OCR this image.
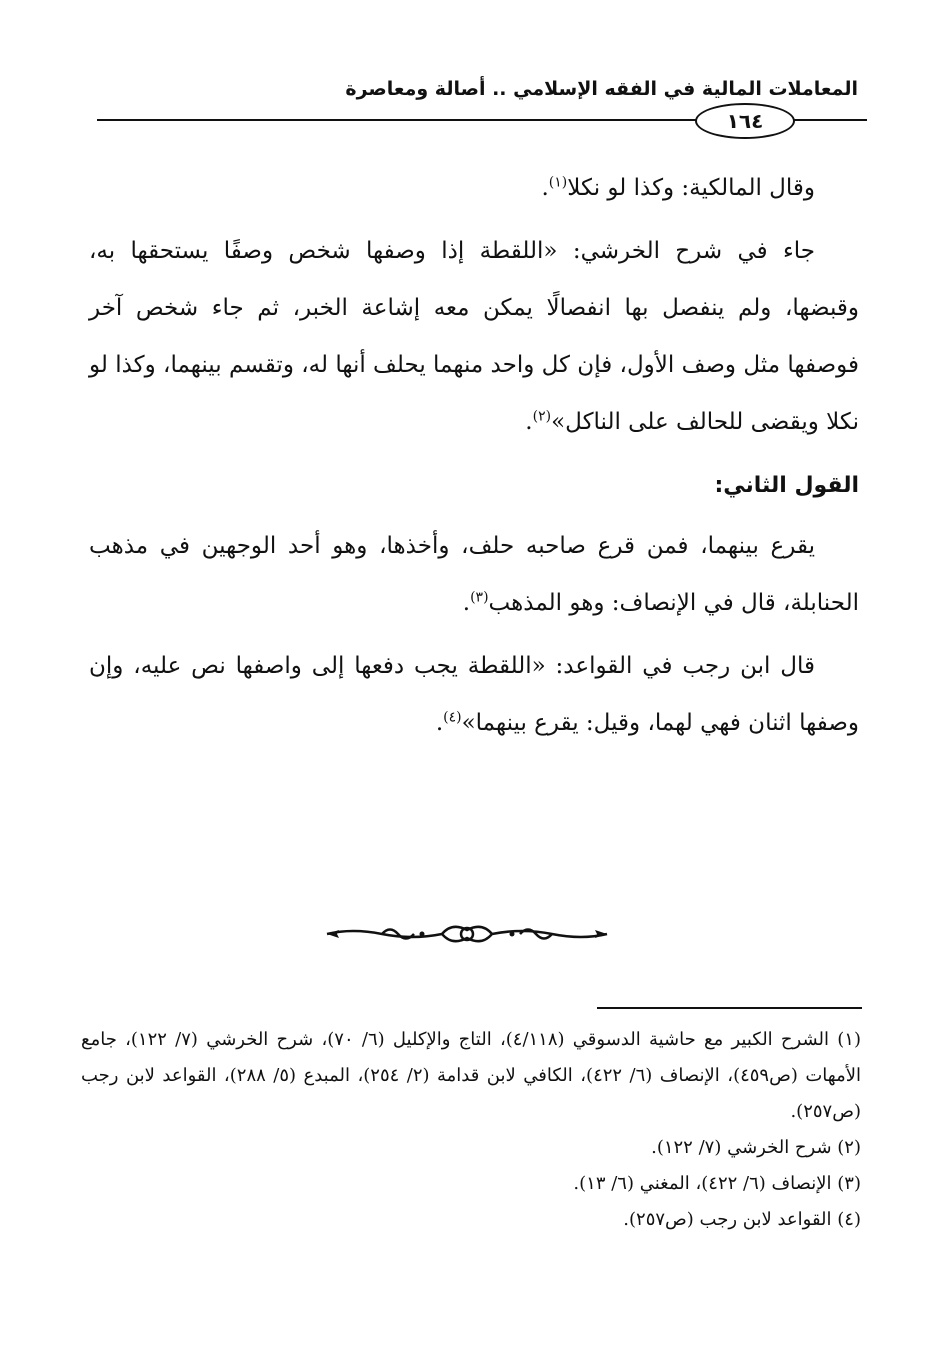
المعاملات المالية في الفقه الإسلامي .. أصالة ومعاصرة
١٦٤

وقال المالكية: وكذا لو نكلا$^{(١)}$.

جاء في شرح الخرشي: «اللقطة إذا وصفها شخص وصفًا يستحقها به، وقبضها، ولم ينفصل بها انفصالًا يمكن معه إشاعة الخبر، ثم جاء شخص آخر فوصفها مثل وصف الأول، فإن كل واحد منهما يحلف أنها له، وتقسم بينهما، وكذا لو نكلا ويقضى للحالف على الناكل»$^{(٢)}$.

القول الثاني:

يقرع بينهما، فمن قرع صاحبه حلف، وأخذها، وهو أحد الوجهين في مذهب الحنابلة، قال في الإنصاف: وهو المذهب$^{(٣)}$.

قال ابن رجب في القواعد: «اللقطة يجب دفعها إلى واصفها نص عليه، وإن وصفها اثنان فهي لهما، وقيل: يقرع بينهما»$^{(٤)}$.

(١) الشرح الكبير مع حاشية الدسوقي (٤/١١٨)، التاج والإكليل (٦/ ٧٠)، شرح الخرشي (٧/ ١٢٢)، جامع الأمهات (ص٤٥٩)، الإنصاف (٦/ ٤٢٢)، الكافي لابن قدامة (٢/ ٢٥٤)، المبدع (٥/ ٢٨٨)، القواعد لابن رجب (ص٢٥٧).

(٢) شرح الخرشي (٧/ ١٢٢).

(٣) الإنصاف (٦/ ٤٢٢)، المغني (٦/ ١٣).

(٤) القواعد لابن رجب (ص٢٥٧).
